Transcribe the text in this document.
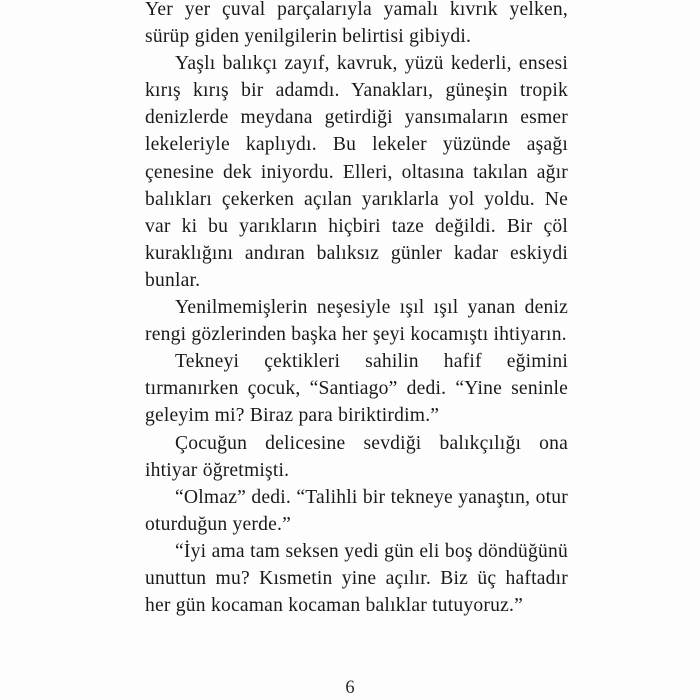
Yer yer çuval parçalarıyla yamalı kıvrık yelken, sürüp giden yenilgilerin belirtisi gibiydi.

Yaşlı balıkçı zayıf, kavruk, yüzü kederli, ensesi kırış kırış bir adamdı. Yanakları, güneşin tropik denizlerde meydana getirdiği yansımaların esmer lekeleriyle kaplıydı. Bu lekeler yüzünde aşağı çenesine dek iniyordu. Elleri, oltasına takılan ağır balıkları çekerken açılan yarıklarla yol yoldu. Ne var ki bu yarıkların hiçbiri taze değildi. Bir çöl kuraklığını andıran balıksız günler kadar eskiydi bunlar.

Yenilmemişlerin neşesiyle ışıl ışıl yanan deniz rengi gözlerinden başka her şeyi kocamıştı ihtiyarın.

Tekneyi çektikleri sahilin hafif eğimini tırmanırken çocuk, “Santiago” dedi. “Yine seninle geleyim mi? Biraz para biriktirdim.”

Çocuğun delicesine sevdiği balıkçılığı ona ihtiyar öğretmişti.

“Olmaz” dedi. “Talihli bir tekneye yanaştın, otur oturduğun yerde.”

“İyi ama tam seksen yedi gün eli boş döndüğünü unuttun mu? Kısmetin yine açılır. Biz üç haftadır her gün kocaman kocaman balıklar tutuyoruz.”

6
